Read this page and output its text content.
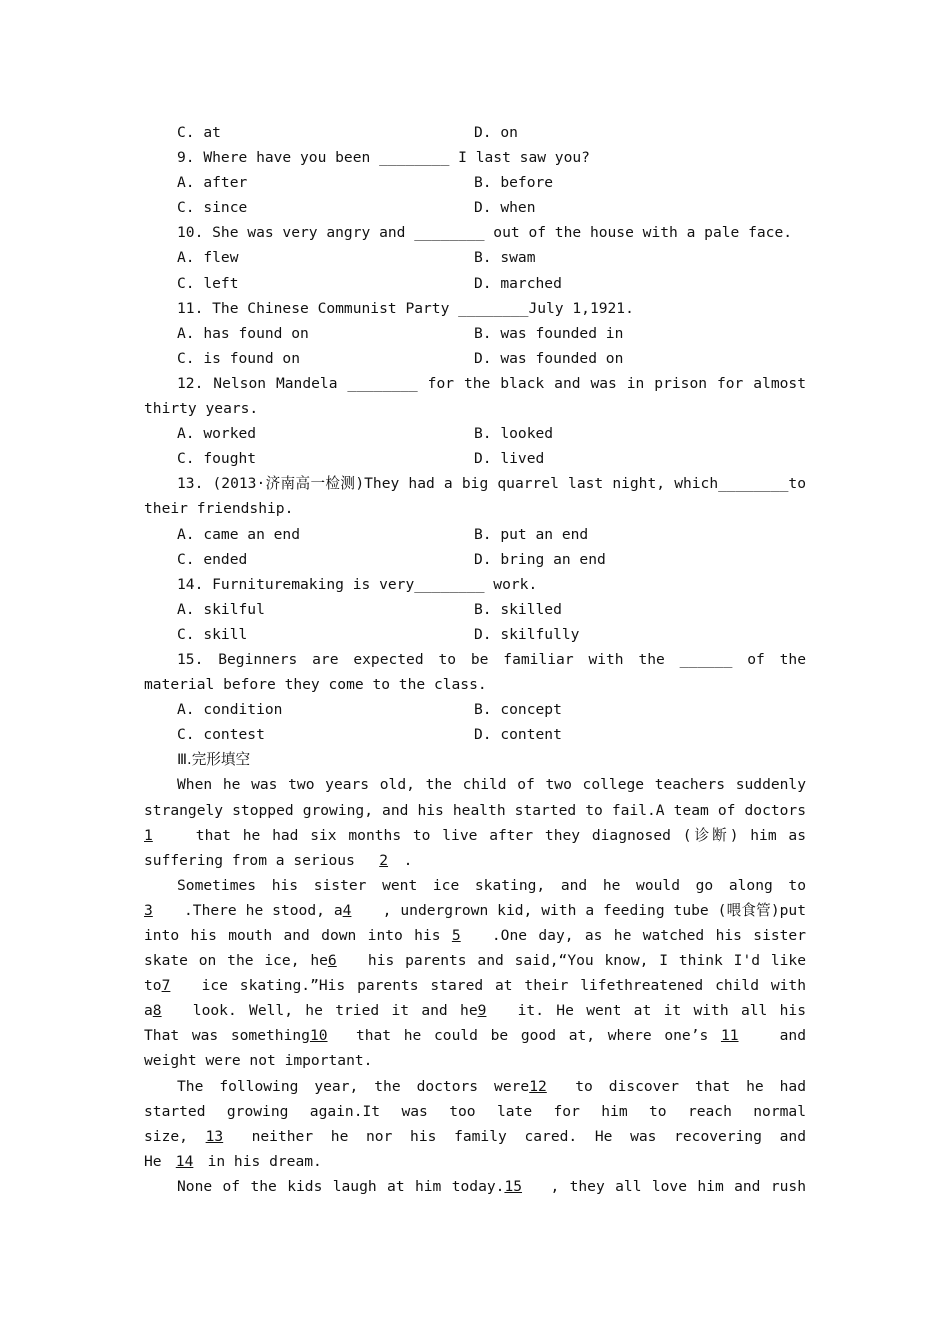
C. at	D. on
9. Where have you been ________ I last saw you?
A. after	B. before
C. since	D. when
10. She was very angry and ________ out of the house with a pale face.
A. flew	B. swam
C. left	D. marched
11. The Chinese Communist Party ________July 1,1921.
A. has found on	B. was founded in
C. is found on	D. was founded on
12. Nelson Mandela ________ for the black and was in prison for almost
thirty years.
A. worked	B. looked
C. fought	D. lived
13. (2013·济南高一检测)They had a big quarrel last night, which________to
their friendship.
A. came an end	B. put an end
C. ended	D. bring an end
14. Furnituremaking is very________ work.
A. skilful	B. skilled
C. skill	D. skilfully
15. Beginners are expected to be familiar with the ______ of the
material before they come to the class.
A. condition	B. concept
C. contest	D. content
Ⅲ.完形填空
When he was two years old, the child of two college teachers suddenly
strangely stopped growing, and his health started to fail.A team of doctors
1 that he had six months to live after they diagnosed (诊断) him as
suffering from a serious 2 .
Sometimes his sister went ice skating, and he would go along to
3 .There he stood, a4 , undergrown kid, with a feeding tube (喂食管)put
into his mouth and down into his 5 .One day, as he watched his sister
skate on the ice, he6 his parents and said,“You know, I think I'd like
to7 ice skating.”His parents stared at their lifethreatened child with
a8 look. Well, he tried it and he9 it. He went at it with all his
That was something10 that he could be good at, where one’s 11 and
weight were not important.
The following year, the doctors were12 to discover that he had
started growing again.It was too late for him to reach normal
size, 13 neither he nor his family cared. He was recovering and
He 14 in his dream.
None of the kids laugh at him today.15 , they all love him and rush
